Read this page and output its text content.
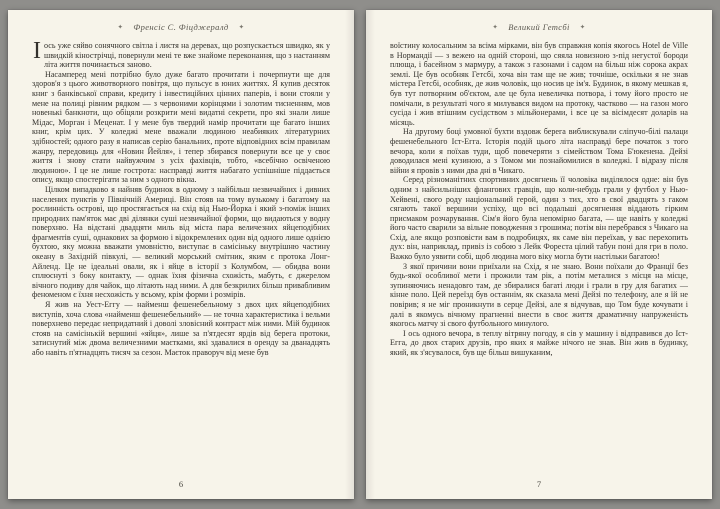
✦ Френсіс С. Фіцджералд ✦

Іось уже сяйво сонячного світла і листя на деревах, що розпускається швидко, як у швидкій кінострічці, повернули мені те вже знайоме переконання, що з настанням літа життя починається заново.

Насамперед мені потрібно було дуже багато прочитати і почерпнути ще для здоров'я з цього животворного повітря, що пульсує в юних життях. Я купив десяток книг з банківської справи, кредиту і інвестиційних цінних паперів, і вони стояли у мене на полиці рівним рядком — з червоними корінцями і золотим тисненням, мов новенькі банкноти, що обіцяли розкрити мені видатні секрети, про які знали лише Мідас, Морган і Меценат. І у мене був твердий намір прочитати ще багато інших книг, крім цих. У коледжі мене вважали людиною неабияких літературних здібностей; одного разу я написав серію банальних, проте відповідних всім правилам жанру, передовиць для «Новин Йейля», і тепер збирався повернути все це у своє життя і знову стати найвужчим з усіх фахівців, тобто, «всебічно освіченою людиною». І це не лише гострота: насправді життя набагато успішніше піддається опису, якщо спостерігати за ним з одного вікна.

Цілком випадково я найняв будинок в одному з найбільш незвичайних і дивних населених пунктів у Північній Америці. Він стояв на тому вузькому і багатому на рослинність острові, що простягається на схід від Нью-Йорка і який з-поміж інших природних пам'яток має дві ділянки суші незвичайної форми, що видаються у водну поверхню. На відстані двадцяти миль від міста пара величезних яйцеподібних фрагментів суші, однакових за формою і відокремлених один від одного лише однією бухтою, яку можна вважати умовністю, виступає в самісіньку внутрішню частину океану в Західній півкулі, — великий морський смітник, яким є протока Лонг-Айленд. Це не ідеальні овали, як і яйце в історії з Колумбом, — обидва вони сплюснуті з боку контакту, — однак їхня фізична схожість, мабуть, є джерелом вічного подиву для чайок, що літають над ними. А для безкрилих більш привабливим феноменом є їхня несхожість у всьому, крім форми і розмірів.

Я жив на Уест-Еггу — найменш фешенебельному з двох цих яйцеподібних виступів, хоча слова «найменш фешенебельний» — не точна характеристика і вельми поверхнево передає непридатний і доволі зловісний контраст між ними. Мій будинок стояв на самісінькій вершині «яйця», лише за п'ятдесят ярдів від берега протоки, затиснутий між двома величезними маєтками, які здавалися в оренду за дванадцять або навіть п'ятнадцять тисяч за сезон. Маєток праворуч від мене був

6
✦ Великий Гетсбі ✦

воїстину колосальним за всіма мірками, він був справжня копія якогось Hotel de Ville в Нормандії — з вежею на одній стороні, що сяяла новизною з-під негустої бороди плюща, і басейном з мармуру, а також з газонами і садом на більш ніж сорока акрах землі. Це був особняк Гетсбі, хоча він там ще не жив; точніше, оскільки я не знав містера Гетсбі, особняк, де жив чоловік, що носив це ім'я. Будинок, в якому мешкав я, був тут потворним об'єктом, але це була невеличка потвора, і тому його просто не помічали, в результаті чого я милувався видом на протоку, частково — на газон мого сусіда і жив втішним сусідством з мільйонерами, і все це за вісімдесят доларів на місяць.

На другому боці умовної бухти вздовж берега виблискували сліпучо-білі палаци фешенебельного Іст-Егга. Історія подій цього літа насправді бере початок з того вечора, коли я поїхав туди, щоб повечеряти з сімейством Тома Б'юкенена. Дейзі доводилася мені кузиною, а з Томом ми познайомилися в коледжі. І відразу після війни я провів з ними два дні в Чикаго.

Серед різноманітних спортивних досягнень її чоловіка виділялося одне: він був одним з найсильніших флангових гравців, що коли-небудь грали у футбол у Нью-Хейвені, свого роду національний герой, один з тих, хто в свої двадцять з гаком сягають такої вершини успіху, що всі подальші досягнення віддають гірким присмаком розчарування. Сім'я його була непомірно багата, — ще навіть у коледжі його часто сварили за вільне поводження з грошима; потім він перебрався з Чикаго на Схід, але якщо розповісти вам в подробицях, як саме він переїхав, у вас перехопить дух: він, наприклад, привіз із собою з Лейк Фореста цілий табун поні для гри в поло. Важко було уявити собі, щоб людина мого віку могла бути настільки багатою!

З якої причини вони приїхали на Схід, я не знаю. Вони поїхали до Франції без будь-якої особливої мети і прожили там рік, а потім металися з місця на місце, зупиняючись ненадовго там, де збиралися багаті люди і грали в гру для багатих — кінне поло. Цей переїзд був останнім, як сказала мені Дейзі по телефону, але я їй не повірив; я не міг проникнути в серце Дейзі, але я відчував, що Том буде кочувати і далі в якомусь вічному прагненні внести в своє життя драматичну напруженість якогось матчу зі свого футбольного минулого.

І ось одного вечора, в теплу вітряну погоду, я сів у машину і відправився до Іст-Егга, до двох старих друзів, про яких я майже нічого не знав. Він жив в будинку, який, як з'ясувалося, був ще більш вишуканим,

7
